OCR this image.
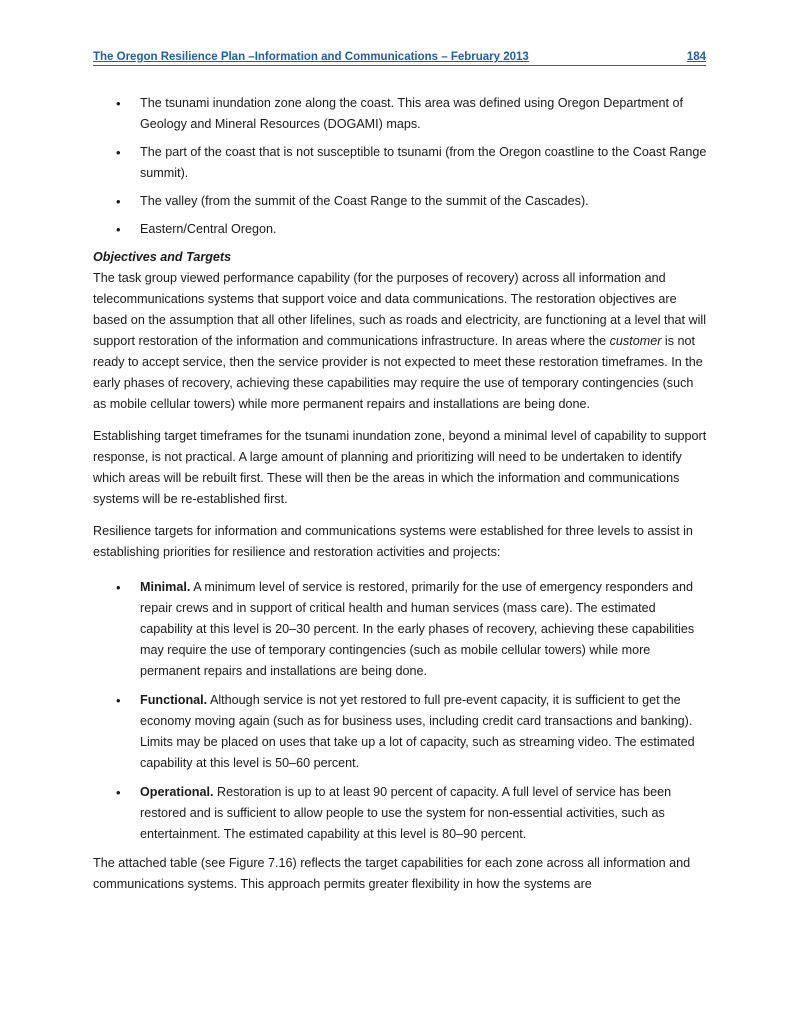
The Oregon Resilience Plan –Information and Communications – February 2013	184
• The tsunami inundation zone along the coast. This area was defined using Oregon Department of Geology and Mineral Resources (DOGAMI) maps.
• The part of the coast that is not susceptible to tsunami (from the Oregon coastline to the Coast Range summit).
• The valley (from the summit of the Coast Range to the summit of the Cascades).
• Eastern/Central Oregon.
Objectives and Targets

The task group viewed performance capability (for the purposes of recovery) across all information and telecommunications systems that support voice and data communications. The restoration objectives are based on the assumption that all other lifelines, such as roads and electricity, are functioning at a level that will support restoration of the information and communications infrastructure. In areas where the customer is not ready to accept service, then the service provider is not expected to meet these restoration timeframes. In the early phases of recovery, achieving these capabilities may require the use of temporary contingencies (such as mobile cellular towers) while more permanent repairs and installations are being done.

Establishing target timeframes for the tsunami inundation zone, beyond a minimal level of capability to support response, is not practical. A large amount of planning and prioritizing will need to be undertaken to identify which areas will be rebuilt first. These will then be the areas in which the information and communications systems will be re-established first.

Resilience targets for information and communications systems were established for three levels to assist in establishing priorities for resilience and restoration activities and projects:

• Minimal. A minimum level of service is restored, primarily for the use of emergency responders and repair crews and in support of critical health and human services (mass care). The estimated capability at this level is 20–30 percent. In the early phases of recovery, achieving these capabilities may require the use of temporary contingencies (such as mobile cellular towers) while more permanent repairs and installations are being done.
• Functional. Although service is not yet restored to full pre-event capacity, it is sufficient to get the economy moving again (such as for business uses, including credit card transactions and banking). Limits may be placed on uses that take up a lot of capacity, such as streaming video. The estimated capability at this level is 50–60 percent.
• Operational. Restoration is up to at least 90 percent of capacity. A full level of service has been restored and is sufficient to allow people to use the system for non-essential activities, such as entertainment. The estimated capability at this level is 80–90 percent.

The attached table (see Figure 7.16) reflects the target capabilities for each zone across all information and communications systems. This approach permits greater flexibility in how the systems are
